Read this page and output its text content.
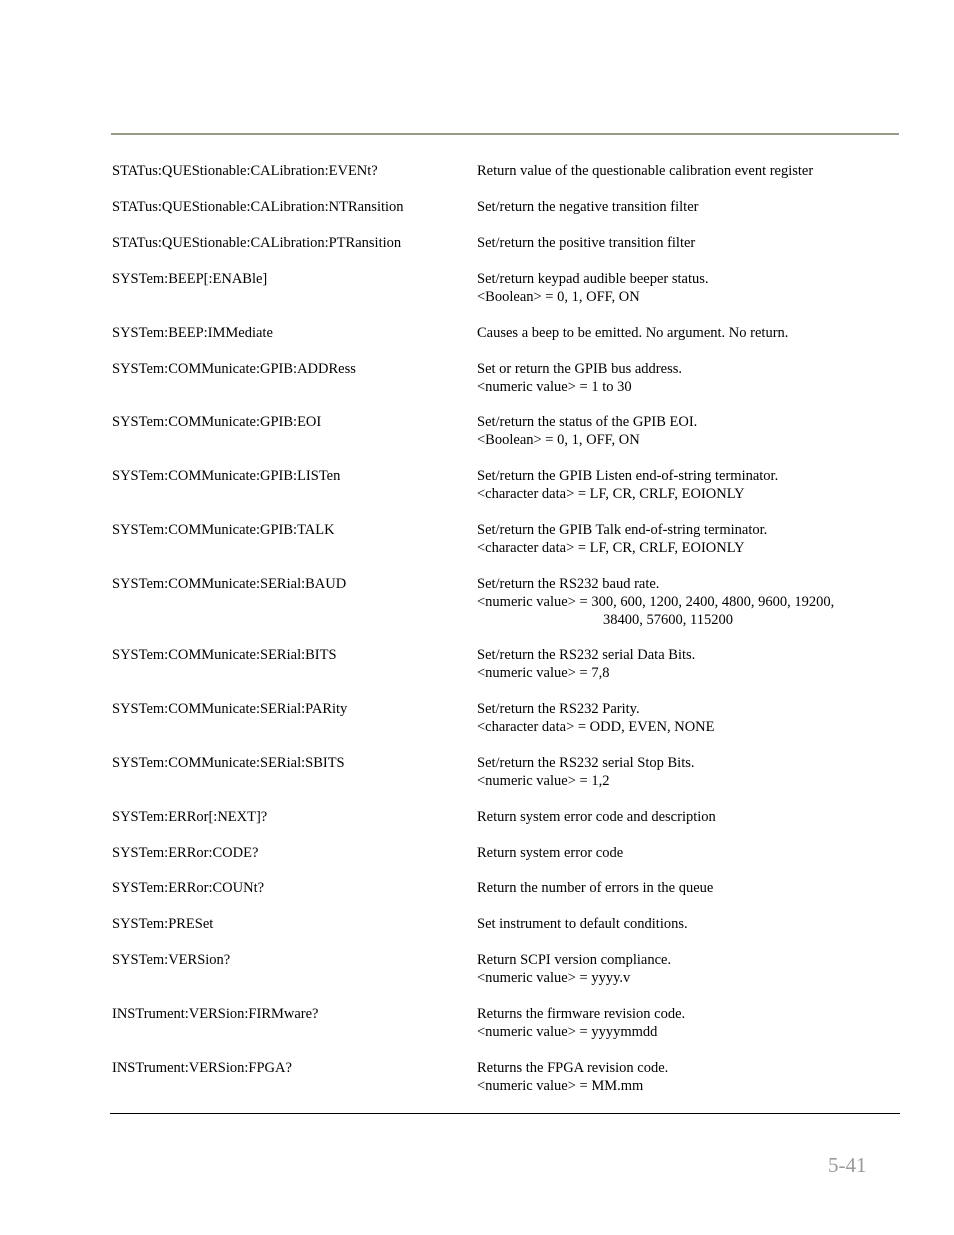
STATus:QUEStionable:CALibration:EVENt?	Return value of the questionable calibration event register
STATus:QUEStionable:CALibration:NTRansition	Set/return the negative transition filter
STATus:QUEStionable:CALibration:PTRansition	Set/return the positive transition filter
SYSTem:BEEP[:ENABle]	Set/return keypad audible beeper status.
<Boolean> = 0, 1, OFF, ON
SYSTem:BEEP:IMMediate	Causes a beep to be emitted. No argument. No return.
SYSTem:COMMunicate:GPIB:ADDRess	Set or return the GPIB bus address.
<numeric value> = 1 to 30
SYSTem:COMMunicate:GPIB:EOI	Set/return the status of the GPIB EOI.
<Boolean> = 0, 1, OFF, ON
SYSTem:COMMunicate:GPIB:LISTen	Set/return the GPIB Listen end-of-string terminator.
<character data> = LF, CR, CRLF, EOIONLY
SYSTem:COMMunicate:GPIB:TALK	Set/return the GPIB Talk end-of-string terminator.
<character data> = LF, CR, CRLF, EOIONLY
SYSTem:COMMunicate:SERial:BAUD	Set/return the RS232 baud rate.
<numeric value> = 300, 600, 1200, 2400, 4800, 9600, 19200,
38400, 57600, 115200
SYSTem:COMMunicate:SERial:BITS	Set/return the RS232 serial Data Bits.
<numeric value> = 7,8
SYSTem:COMMunicate:SERial:PARity	Set/return the RS232 Parity.
<character data> = ODD, EVEN, NONE
SYSTem:COMMunicate:SERial:SBITS	Set/return the RS232 serial Stop Bits.
<numeric value> = 1,2
SYSTem:ERRor[:NEXT]?	Return system error code and description
SYSTem:ERRor:CODE?	Return system error code
SYSTem:ERRor:COUNt?	Return the number of errors in the queue
SYSTem:PRESet	Set instrument to default conditions.
SYSTem:VERSion?	Return SCPI version compliance.
<numeric value> = yyyy.v
INSTrument:VERSion:FIRMware?	Returns the firmware revision code.
<numeric value> = yyyymmdd
INSTrument:VERSion:FPGA?	Returns the FPGA revision code.
<numeric value> = MM.mm
5-41
